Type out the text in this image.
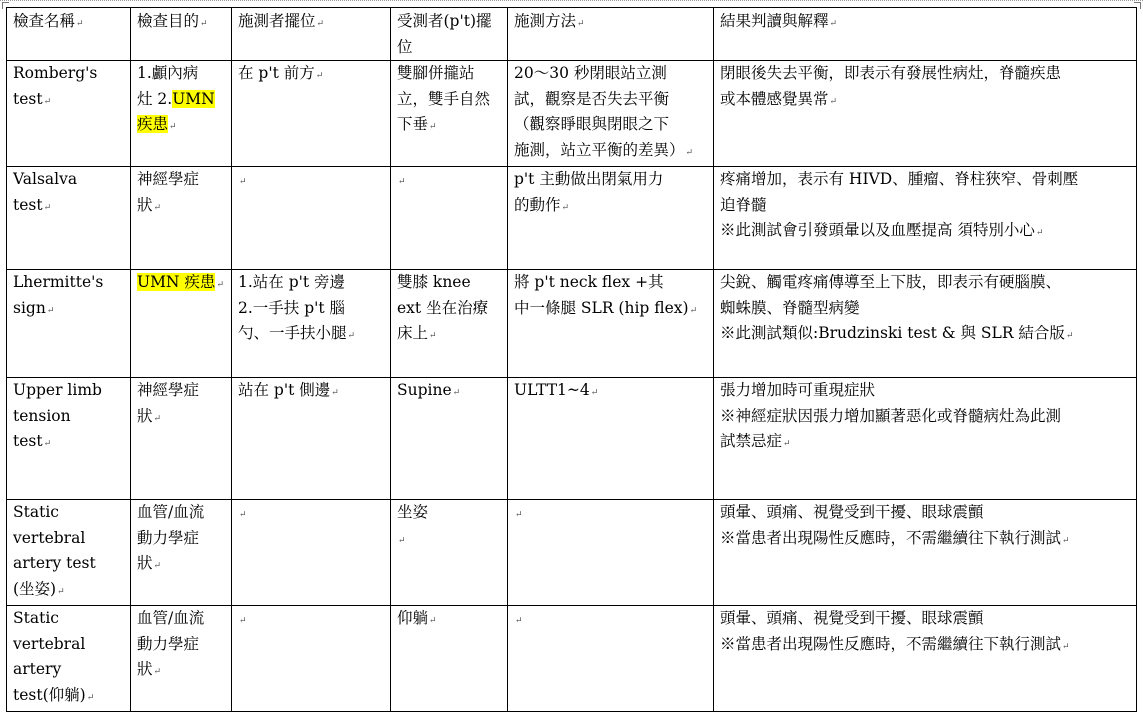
檢查名稱↵	檢查目的↵	施測者擺位↵	受測者(p't)擺位	施測方法↵	結果判讀與解釋↵

Romberg's
test↵	1.顱內病
灶 2.UMN
疾患↵	在 p't 前方↵	雙腳併攏站
立，雙手自然
下垂↵	20～30 秒閉眼站立測
試，觀察是否失去平衡
（觀察睜眼與閉眼之下
施測，站立平衡的差異）↵	閉眼後失去平衡，即表示有發展性病灶，脊髓疾患
或本體感覺異常↵

Valsalva
test↵	神經學症
狀↵	↵	↵	p't 主動做出閉氣用力
的動作↵	疼痛增加，表示有 HIVD、腫瘤、脊柱狹窄、骨刺壓
迫脊髓
※此測試會引發頭暈以及血壓提高 須特別小心↵

Lhermitte's
sign↵	UMN 疾患↵	1.站在 p't 旁邊
2.一手扶 p't 腦
勺、一手扶小腿↵	雙膝 knee
ext 坐在治療
床上↵	將 p't neck flex +其
中一條腿 SLR (hip flex)↵	尖銳、觸電疼痛傳導至上下肢，即表示有硬腦膜、
蜘蛛膜、脊髓型病變
※此測試類似:Brudzinski test & 與 SLR 結合版↵

Upper limb
tension
test↵	神經學症
狀↵	站在 p't 側邊↵	Supine↵	ULTT1~4↵	張力增加時可重現症狀
※神經症狀因張力增加顯著惡化或脊髓病灶為此測
試禁忌症↵

Static
vertebral
artery test
(坐姿)↵	血管/血流
動力學症
狀↵	↵	坐姿
↵	↵	頭暈、頭痛、視覺受到干擾、眼球震顫
※當患者出現陽性反應時，不需繼續往下執行測試↵

Static
vertebral
artery
test(仰躺)↵	血管/血流
動力學症
狀↵	↵	仰躺↵	↵	頭暈、頭痛、視覺受到干擾、眼球震顫
※當患者出現陽性反應時，不需繼續往下執行測試↵
